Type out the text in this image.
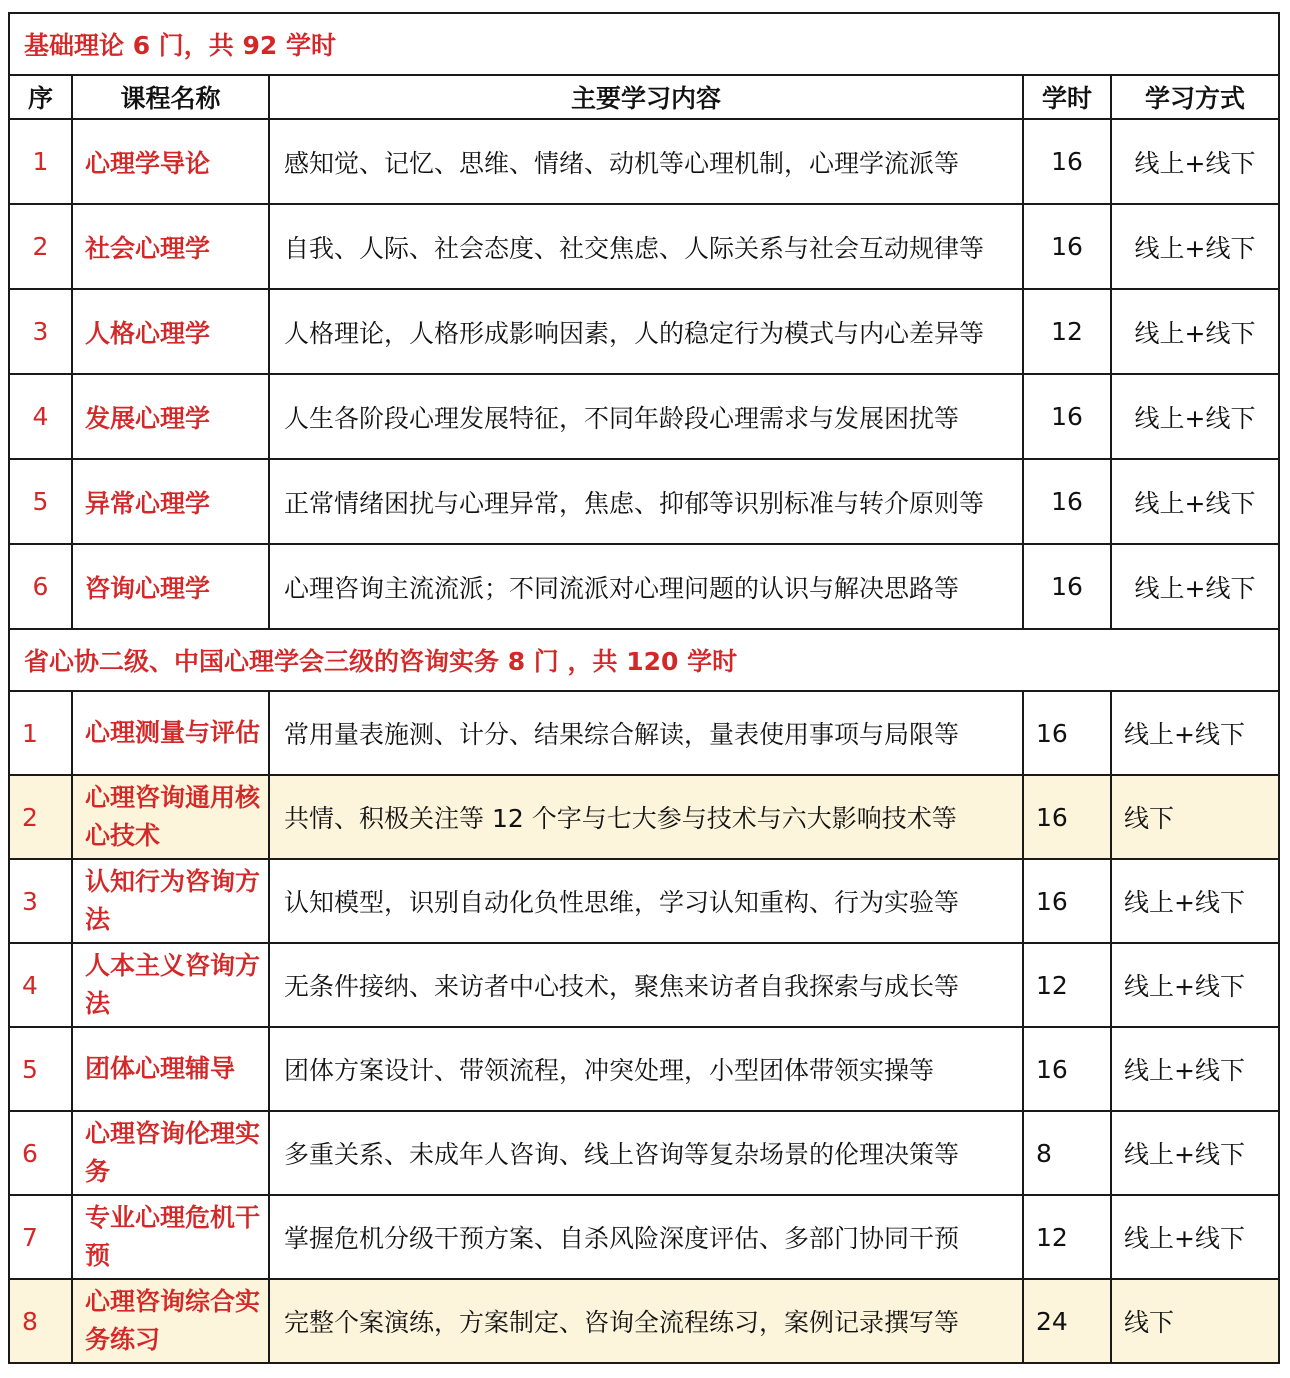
基础理论 6 门，共 92 学时				
序	课程名称	主要学习内容	学时	学习方式
1	心理学导论	感知觉、记忆、思维、情绪、动机等心理机制，心理学流派等	16	线上+线下
2	社会心理学	自我、人际、社会态度、社交焦虑、人际关系与社会互动规律等	16	线上+线下
3	人格心理学	人格理论，人格形成影响因素，人的稳定行为模式与内心差异等	12	线上+线下
4	发展心理学	人生各阶段心理发展特征，不同年龄段心理需求与发展困扰等	16	线上+线下
5	异常心理学	正常情绪困扰与心理异常，焦虑、抑郁等识别标准与转介原则等	16	线上+线下
6	咨询心理学	心理咨询主流流派；不同流派对心理问题的认识与解决思路等	16	线上+线下
省心协二级、中国心理学会三级的咨询实务 8 门 ，共 120 学时
1	心理测量与评估	常用量表施测、计分、结果综合解读，量表使用事项与局限等	16	线上+线下
2	心理咨询通用核心技术	共情、积极关注等 12 个字与七大参与技术与六大影响技术等	16	线下
3	认知行为咨询方法	认知模型，识别自动化负性思维，学习认知重构、行为实验等	16	线上+线下
4	人本主义咨询方法	无条件接纳、来访者中心技术，聚焦来访者自我探索与成长等	12	线上+线下
5	团体心理辅导	团体方案设计、带领流程，冲突处理，小型团体带领实操等	16	线上+线下
6	心理咨询伦理实务	多重关系、未成年人咨询、线上咨询等复杂场景的伦理决策等	8	线上+线下
7	专业心理危机干预	掌握危机分级干预方案、自杀风险深度评估、多部门协同干预	12	线上+线下
8	心理咨询综合实务练习	完整个案演练，方案制定、咨询全流程练习，案例记录撰写等	24	线下
